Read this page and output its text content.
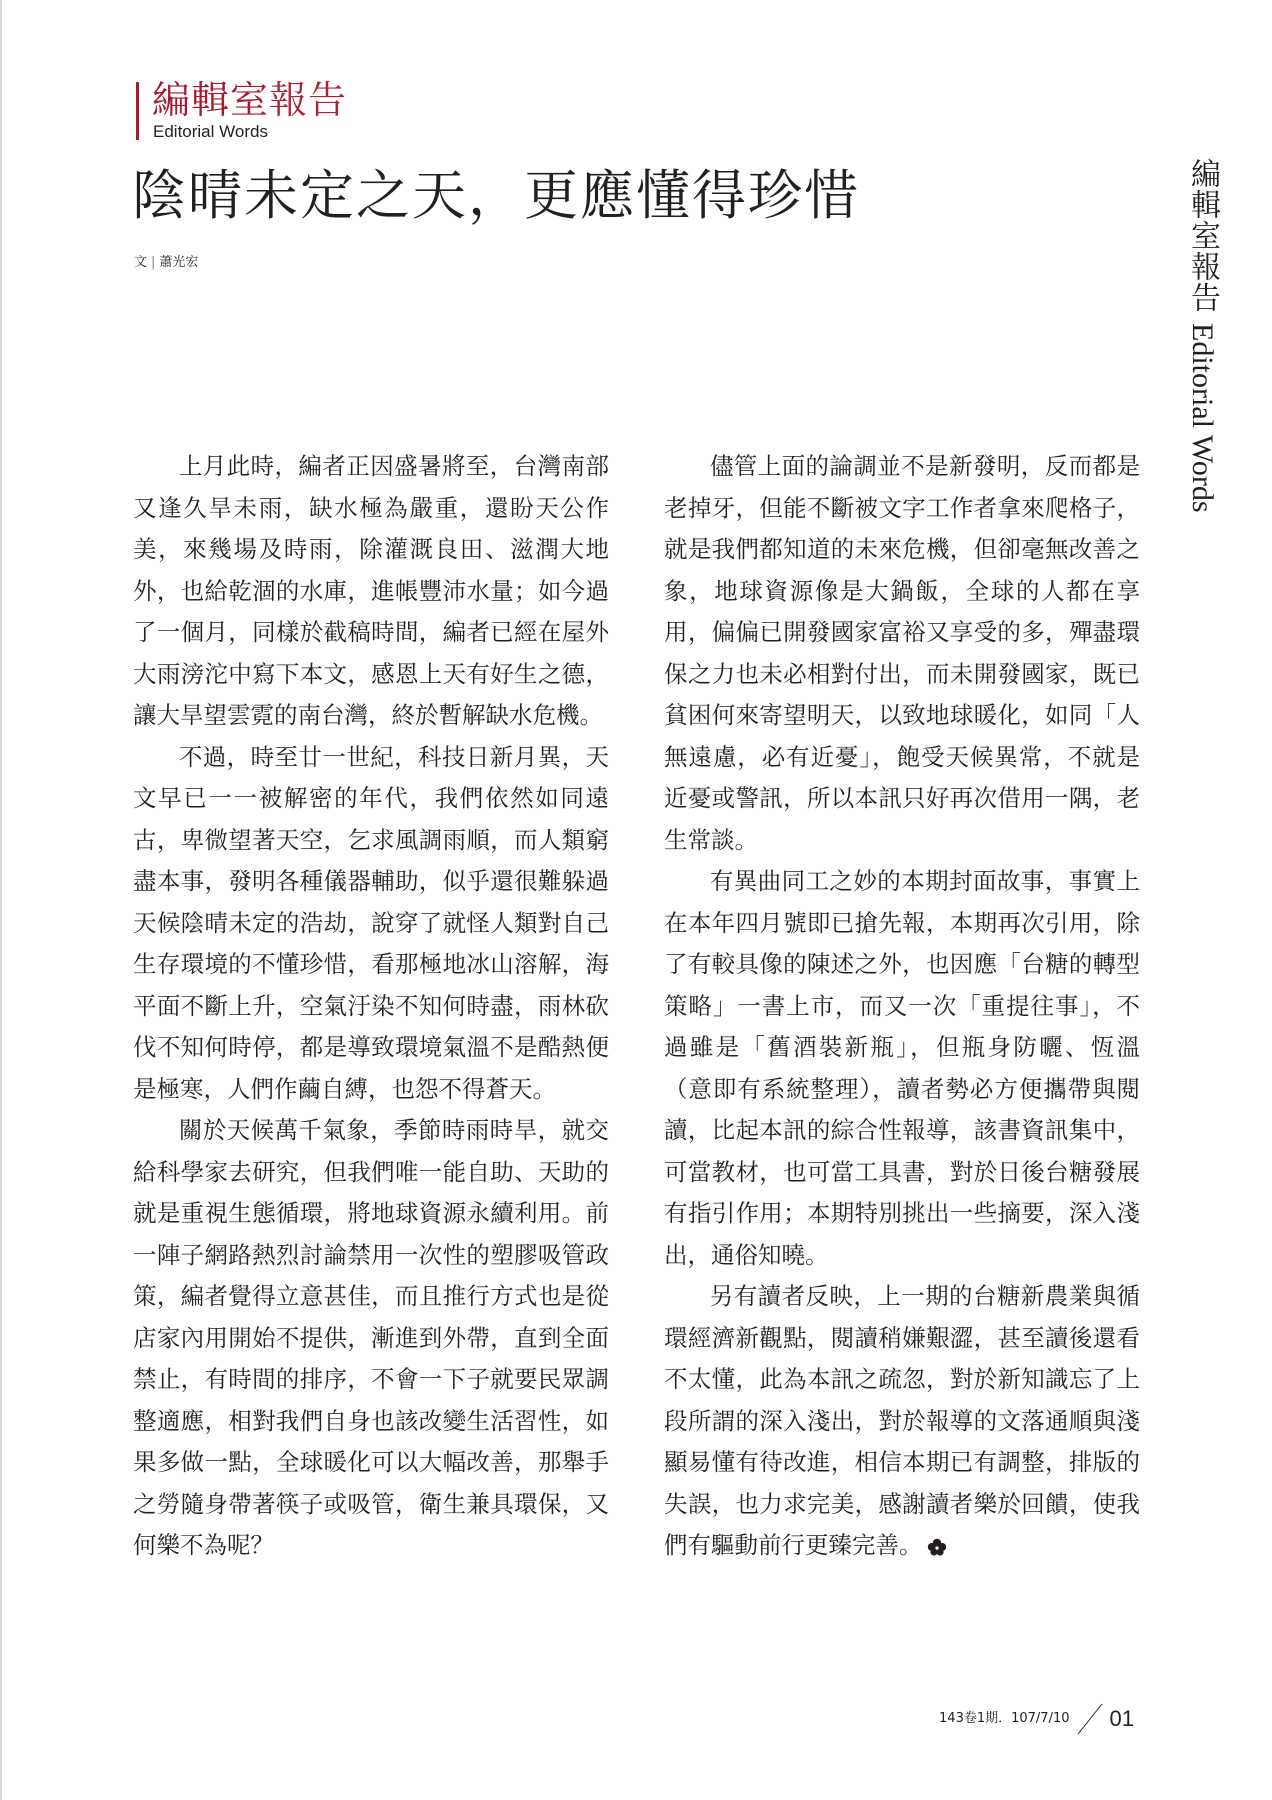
編輯室報告
Editorial Words
陰晴未定之天，更應懂得珍惜
文 | 蕭光宏	編輯室報告Editorial Words

上月此時，編者正因盛暑將至，台灣南部又逢久旱未雨，缺水極為嚴重，還盼天公作美，來幾場及時雨，除灌溉良田、滋潤大地外，也給乾涸的水庫，進帳豐沛水量；如今過了一個月，同樣於截稿時間，編者已經在屋外大雨滂沱中寫下本文，感恩上天有好生之德，讓大旱望雲霓的南台灣，終於暫解缺水危機。

不過，時至廿一世紀，科技日新月異，天文早已一一被解密的年代，我們依然如同遠古，卑微望著天空，乞求風調雨順，而人類窮盡本事，發明各種儀器輔助，似乎還很難躲過天候陰晴未定的浩劫，說穿了就怪人類對自己生存環境的不懂珍惜，看那極地冰山溶解，海平面不斷上升，空氣汙染不知何時盡，雨林砍伐不知何時停，都是導致環境氣溫不是酷熱便是極寒，人們作繭自縛，也怨不得蒼天。

關於天候萬千氣象，季節時雨時旱，就交給科學家去研究，但我們唯一能自助、天助的就是重視生態循環，將地球資源永續利用。前一陣子網路熱烈討論禁用一次性的塑膠吸管政策，編者覺得立意甚佳，而且推行方式也是從店家內用開始不提供，漸進到外帶，直到全面禁止，有時間的排序，不會一下子就要民眾調整適應，相對我們自身也該改變生活習性，如果多做一點，全球暖化可以大幅改善，那舉手之勞隨身帶著筷子或吸管，衛生兼具環保，又何樂不為呢？

儘管上面的論調並不是新發明，反而都是老掉牙，但能不斷被文字工作者拿來爬格子，就是我們都知道的未來危機，但卻毫無改善之象，地球資源像是大鍋飯，全球的人都在享用，偏偏已開發國家富裕又享受的多，殫盡環保之力也未必相對付出，而未開發國家，既已貧困何來寄望明天，以致地球暖化，如同「人無遠慮，必有近憂」，飽受天候異常，不就是近憂或警訊，所以本訊只好再次借用一隅，老生常談。

有異曲同工之妙的本期封面故事，事實上在本年四月號即已搶先報，本期再次引用，除了有較具像的陳述之外，也因應「台糖的轉型策略」一書上市，而又一次「重提往事」，不過雖是「舊酒裝新瓶」，但瓶身防曬、恆溫（意即有系統整理），讀者勢必方便攜帶與閱讀，比起本訊的綜合性報導，該書資訊集中，可當教材，也可當工具書，對於日後台糖發展有指引作用；本期特別挑出一些摘要，深入淺出，通俗知曉。

另有讀者反映，上一期的台糖新農業與循環經濟新觀點，閱讀稍嫌艱澀，甚至讀後還看不太懂，此為本訊之疏忽，對於新知識忘了上段所謂的深入淺出，對於報導的文落通順與淺顯易懂有待改進，相信本期已有調整，排版的失誤，也力求完美，感謝讀者樂於回饋，使我們有驅動前行更臻完善。

143卷1期．107/7/10 01
